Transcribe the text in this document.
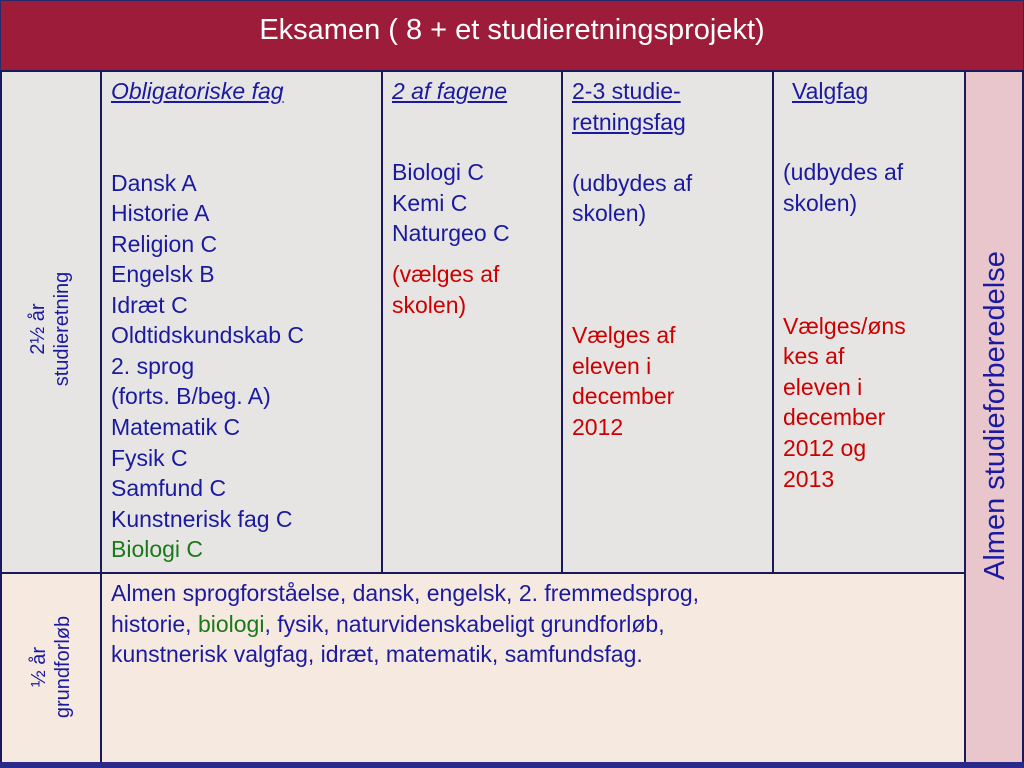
Eksamen ( 8 + et studieretningsprojekt)
2½ år studieretning
½ år grundforløb
Almen studieforberedelse
Obligatoriske fag
Dansk A
Historie A
Religion C
Engelsk B
Idræt C
Oldtidskundskab C
2. sprog
(forts. B/beg. A)
Matematik C
Fysik C
Samfund C
Kunstnerisk fag C
Biologi C
2 af fagene
Biologi C
Kemi C
Naturgeo C
(vælges af
skolen)
2-3 studie-
retningsfag
(udbydes af
skolen)
Vælges af
eleven i
december
2012
Valgfag
(udbydes af
skolen)
Vælges/øns
kes af
eleven i
december
2012 og
2013
Almen sprogforståelse, dansk, engelsk, 2. fremmedsprog,
historie, biologi, fysik, naturvidenskabeligt grundforløb,
kunstnerisk valgfag, idræt, matematik, samfundsfag.
